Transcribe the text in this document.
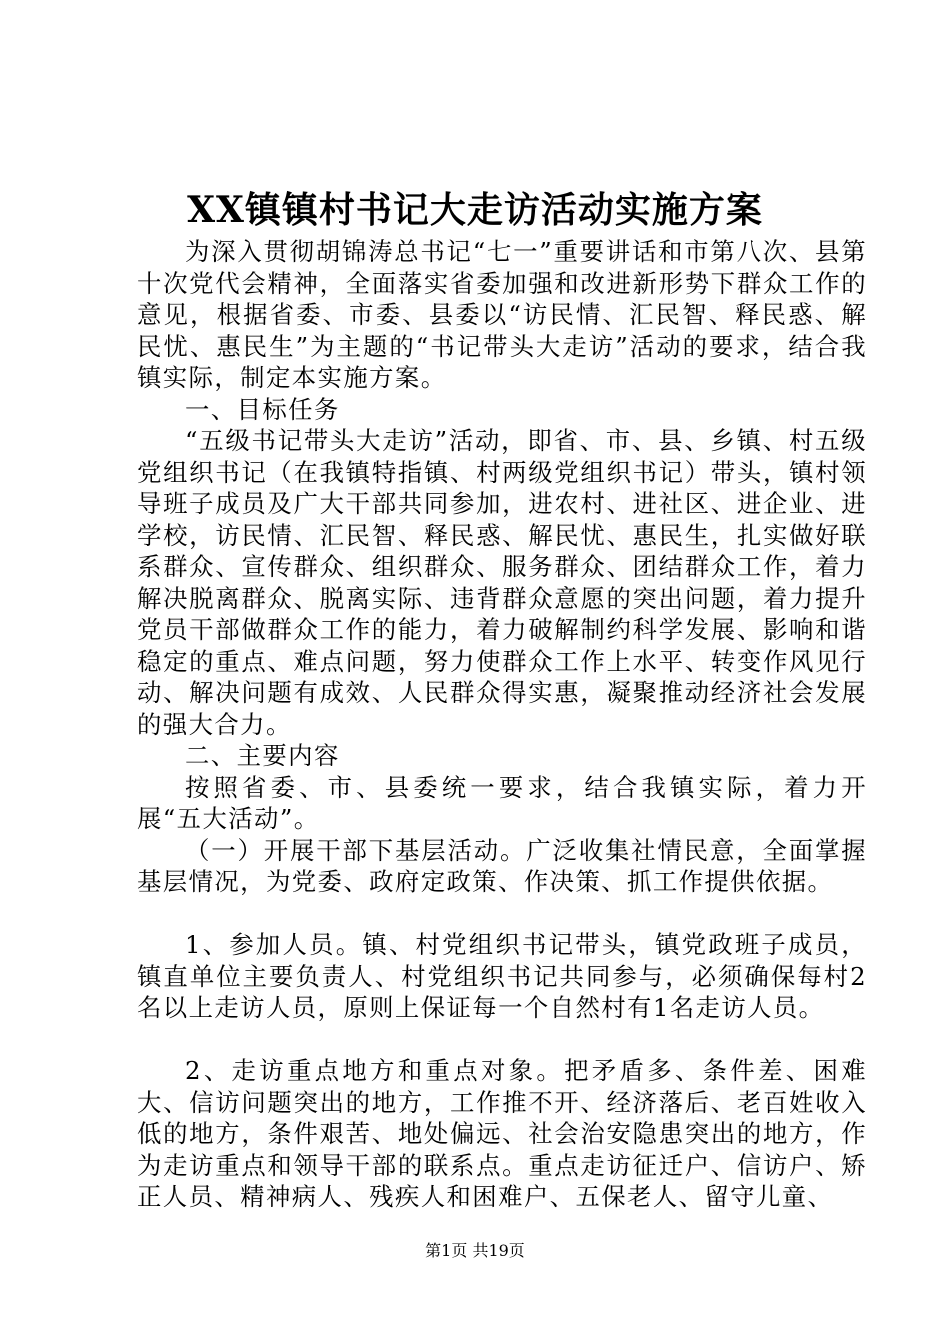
XX镇镇村书记大走访活动实施方案

为深入贯彻胡锦涛总书记“七一”重要讲话和市第八次、县第十次党代会精神，全面落实省委加强和改进新形势下群众工作的意见，根据省委、市委、县委以“访民情、汇民智、释民惑、解民忧、惠民生”为主题的“书记带头大走访”活动的要求，结合我镇实际，制定本实施方案。

一、目标任务

“五级书记带头大走访”活动，即省、市、县、乡镇、村五级党组织书记（在我镇特指镇、村两级党组织书记）带头，镇村领导班子成员及广大干部共同参加，进农村、进社区、进企业、进学校，访民情、汇民智、释民惑、解民忧、惠民生，扎实做好联系群众、宣传群众、组织群众、服务群众、团结群众工作，着力解决脱离群众、脱离实际、违背群众意愿的突出问题，着力提升党员干部做群众工作的能力，着力破解制约科学发展、影响和谐稳定的重点、难点问题，努力使群众工作上水平、转变作风见行动、解决问题有成效、人民群众得实惠，凝聚推动经济社会发展的强大合力。

二、主要内容

按照省委、市、县委统一要求，结合我镇实际，着力开展“五大活动”。

（一）开展干部下基层活动。广泛收集社情民意，全面掌握基层情况，为党委、政府定政策、作决策、抓工作提供依据。

1、参加人员。镇、村党组织书记带头，镇党政班子成员，镇直单位主要负责人、村党组织书记共同参与，必须确保每村2名以上走访人员，原则上保证每一个自然村有1名走访人员。

2、走访重点地方和重点对象。把矛盾多、条件差、困难大、信访问题突出的地方，工作推不开、经济落后、老百姓收入低的地方，条件艰苦、地处偏远、社会治安隐患突出的地方，作为走访重点和领导干部的联系点。重点走访征迁户、信访户、矫正人员、精神病人、残疾人和困难户、五保老人、留守儿童、

第1页 共19页
